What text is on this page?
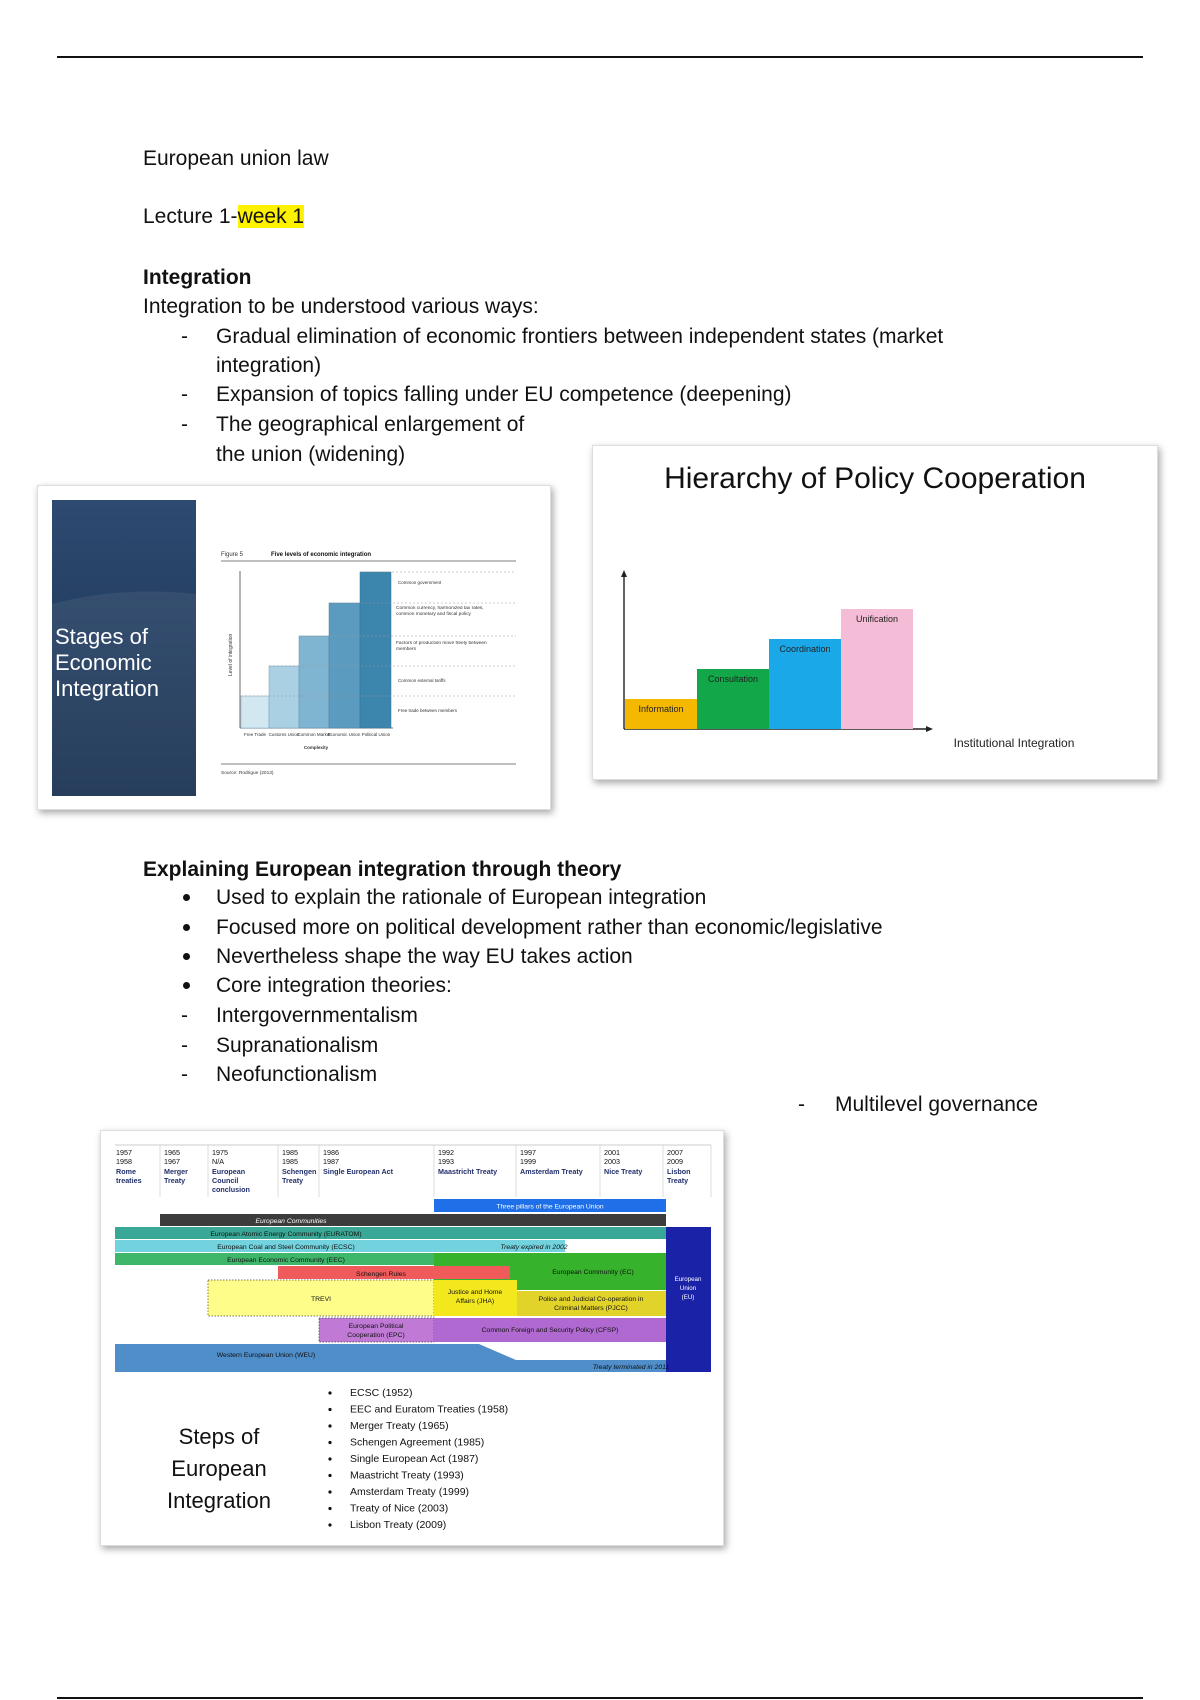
European union law
Lecture 1-week 1
Integration
Integration to be understood various ways:
- Gradual elimination of economic frontiers between independent states (market
integration)
- Expansion of topics falling under EU competence (deepening)
- The geographical enlargement of
the union (widening)
Stages of
Economic
Integration
Figure 5	Five levels of economic integration
Level of integration
Common government
Common currency, harmonized tax rates, common monetary and fiscal policy
Factors of production move freely between members
Common external tariffs
Free trade between members
Free Trade Customs Union
Common Market
Economic Union Political Union
Complexity
Source: Rodrigue (2013)
Hierarchy of Policy Cooperation
Information
Consultation
Coordination
Unification
Institutional Integration
Explaining European integration through theory
Used to explain the rationale of European integration
Focused more on political development rather than economic/legislative
Nevertheless shape the way EU takes action
Core integration theories:
- Intergovernmentalism
- Supranationalism
- Neofunctionalism
- Multilevel governance
1957
1958
Rome
treaties
1965
1967
Merger
Treaty
1975
N/A
European
Council
conclusion
1985
1985
Schengen
Treaty
1986
1987
Single European Act
1992
1993
Maastricht Treaty
1997
1999
Amsterdam Treaty
2001
2003
Nice Treaty
2007
2009
Lisbon
Treaty
Three pillars of the European Union
European Communities
European Atomic Energy Community (EURATOM)
European Coal and Steel Community (ECSC)	Treaty expired in 2002
European Economic Community (EEC)
European Community (EC)
Schengen Rules
TREVI
Justice and Home
Affairs (JHA)	Police and Judicial Co-operation in
Criminal Matters (PJCC)
European Political
Cooperation (EPC)
Common Foreign and Security Policy (CFSP)
European
Union
(EU)
Western European Union (WEU)
Treaty terminated in 2011
Steps of
European
Integration
ECSC (1952)
EEC and Euratom Treaties (1958)
Merger Treaty (1965)
Schengen Agreement (1985)
Single European Act (1987)
Maastricht Treaty (1993)
Amsterdam Treaty (1999)
Treaty of Nice (2003)
Lisbon Treaty (2009)
